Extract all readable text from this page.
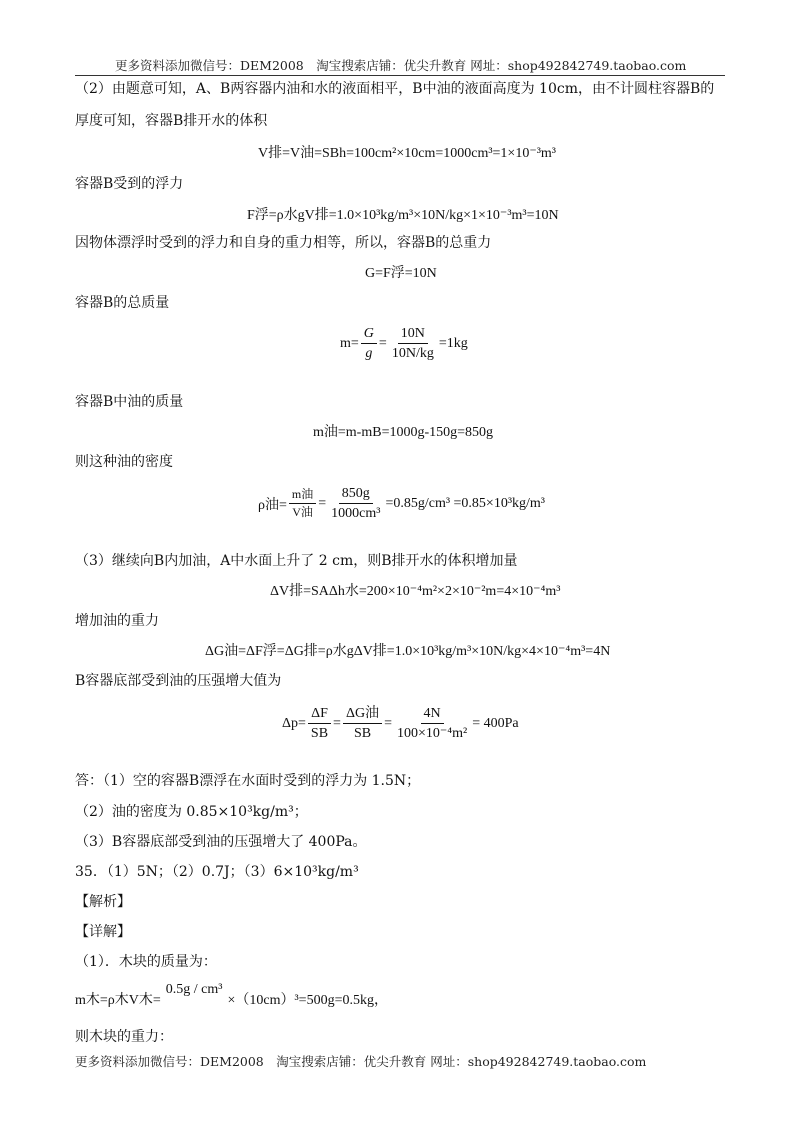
更多资料添加微信号：DEM2008　淘宝搜索店铺：优尖升教育 网址：shop492842749.taobao.com
（2）由题意可知，A、B两容器内油和水的液面相平，B中油的液面高度为 10cm，由不计圆柱容器B的
厚度可知，容器B排开水的体积
V排=V油=SBh=100cm²×10cm=1000cm³=1×10⁻³m³
容器B受到的浮力
F浮=ρ水gV排=1.0×10³kg/m³×10N/kg×1×10⁻³m³=10N
因物体漂浮时受到的浮力和自身的重力相等，所以，容器B的总重力
G=F浮=10N
容器B的总质量
$m= \frac{G}{g} = \frac{10N}{10N/kg} =1kg$
容器B中油的质量
m油=m-mB=1000g-150g=850g
则这种油的密度
ρ油= $\frac{\text{m油}}{\text{V油}} = \frac{850g}{\text{1000cm³}} =0.85g/cm^3 =0.85\times 10^3kg/m^3$
（3）继续向B内加油，A中水面上升了 2 cm，则B排开水的体积增加量
ΔV排=SAΔh水=200×10⁻⁴m²×2×10⁻²m=4×10⁻⁴m³
增加油的重力
ΔG油=ΔF浮=ΔG排=ρ水gΔV排=1.0×10³kg/m³×10N/kg×4×10⁻⁴m³=4N
B容器底部受到油的压强增大值为
$\Delta p= \frac{\Delta F}{SB} = \frac{\text{ΔG油}}{SB} = \frac{4N}{\text{100×10⁻⁴m²}} = 400Pa$
答：（1）空的容器B漂浮在水面时受到的浮力为 1.5N；
（2）油的密度为 0.85×10³kg/m³；
（3）B容器底部受到油的压强增大了 400Pa。
35．（1）5N；（2）0.7J；（3）6×10³kg/m³
【解析】
【详解】
（1）．木块的质量为：
m木=ρ木V木=
0.5g / cm³

×（10cm）³=500g=0.5kg，
则木块的重力：
更多资料添加微信号：DEM2008　淘宝搜索店铺：优尖升教育 网址：shop492842749.taobao.com
